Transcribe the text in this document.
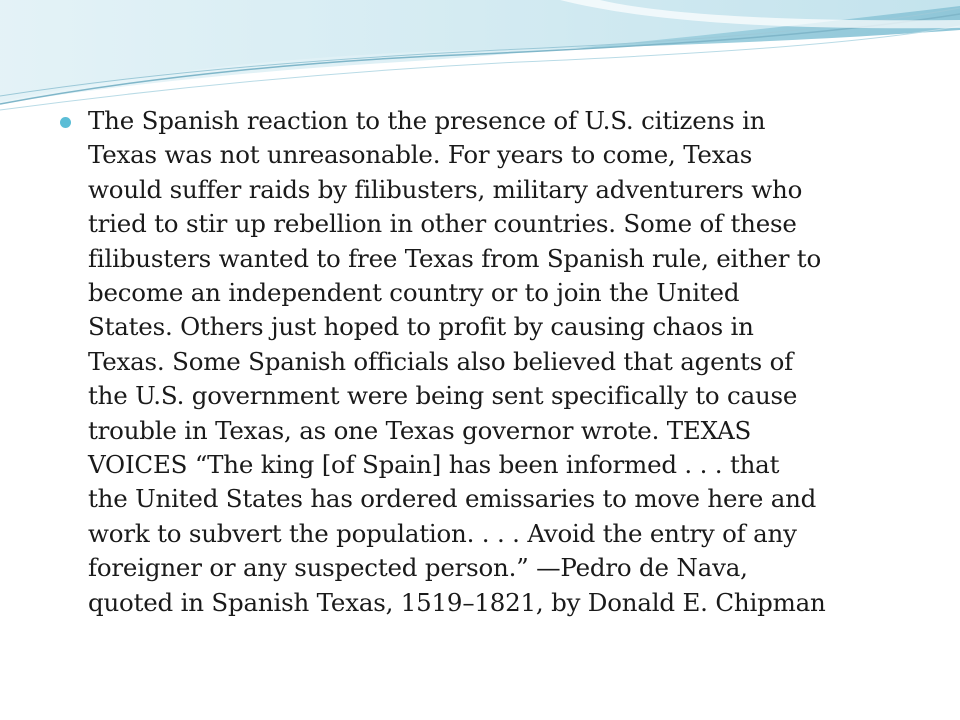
The Spanish reaction to the presence of U.S. citizens in
Texas was not unreasonable. For years to come, Texas
would suffer raids by filibusters, military adventurers who
tried to stir up rebellion in other countries. Some of these
filibusters wanted to free Texas from Spanish rule, either to
become an independent country or to join the United
States. Others just hoped to profit by causing chaos in
Texas. Some Spanish officials also believed that agents of
the U.S. government were being sent specifically to cause
trouble in Texas, as one Texas governor wrote. TEXAS
VOICES “The king [of Spain] has been informed . . . that
the United States has ordered emissaries to move here and
work to subvert the population. . . . Avoid the entry of any
foreigner or any suspected person.” —Pedro de Nava,
quoted in Spanish Texas, 1519–1821, by Donald E. Chipman
